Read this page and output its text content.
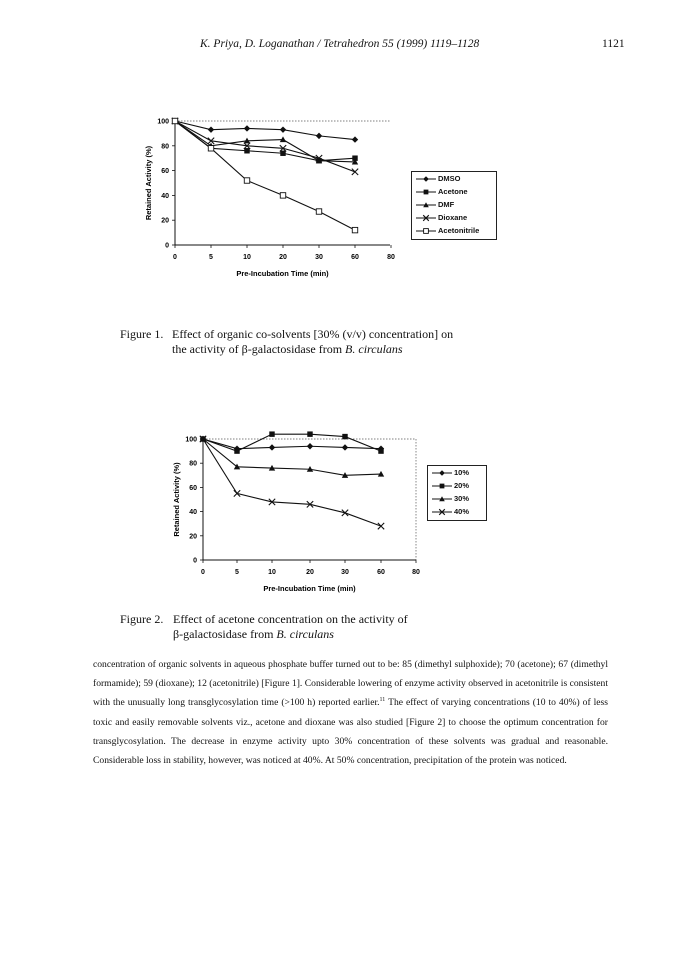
K. Priya, D. Loganathan / Tetrahedron 55 (1999) 1119–1128	1121
0
20
40
60
80
100
0	5	10	20	30	60	80
Pre-Incubation Time (min)
Retained Activity (%)	DMSO
Acetone
DMF
Dioxane
Acetonitrile
Figure 1. Effect of organic co-solvents [30% (v/v) concentration] on
the activity of β-galactosidase from B. circulans
0
20
40
60
80
100
0	5	10	20	30	60	80
Pre-Incubation Time (min)
Retained Activity (%)	10%
20%
30%
40%
Figure 2. Effect of acetone concentration on the activity of
β-galactosidase from B. circulans

concentration of organic solvents in aqueous phosphate buffer turned out to be: 85 (dimethyl sulphoxide); 70 (acetone); 67 (dimethyl formamide); 59 (dioxane); 12 (acetonitrile) [Figure 1]. Considerable lowering of enzyme activity observed in acetonitrile is consistent with the unusually long transglycosylation time (>100 h) reported earlier.$^{11}$ The effect of varying concentrations (10 to 40%) of less toxic and easily removable solvents viz., acetone and dioxane was also studied [Figure 2] to choose the optimum concentration for transglycosylation. The decrease in enzyme activity upto 30% concentration of these solvents was gradual and reasonable. Considerable loss in stability, however, was noticed at 40%. At 50% concentration, precipitation of the protein was noticed.
